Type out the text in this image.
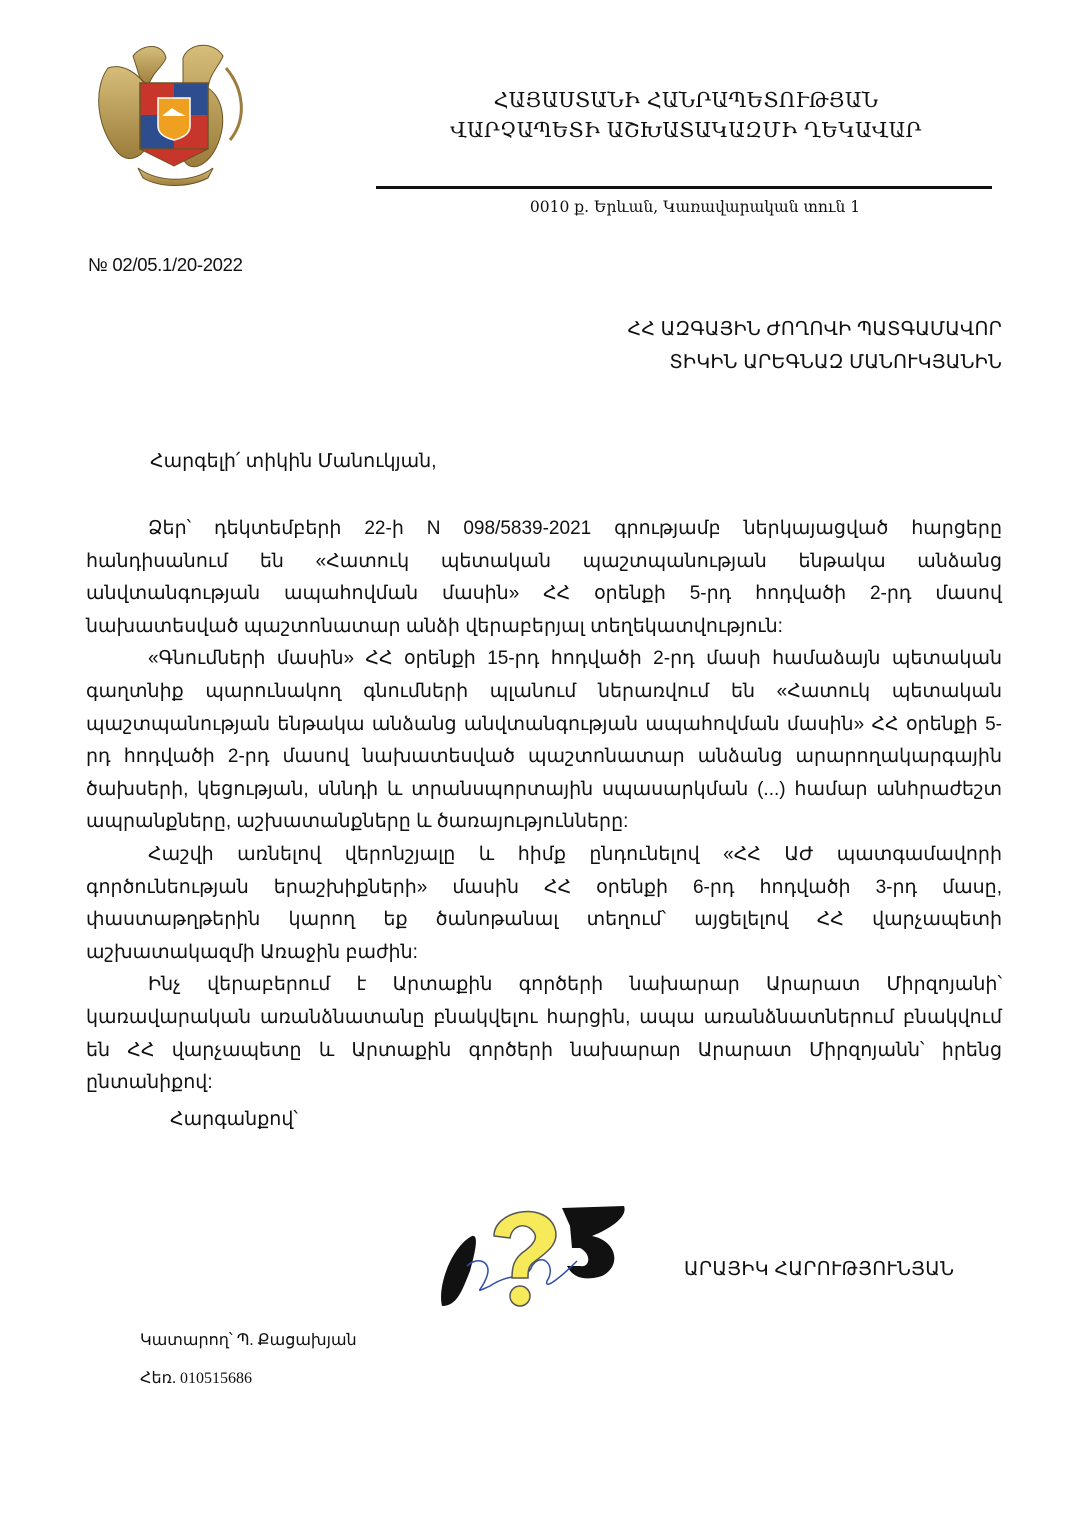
ՀԱՅԱՍՏԱՆԻ ՀԱՆՐԱՊԵՏՈՒԹՅԱՆ
ՎԱՐՉԱՊԵՏԻ ԱՇԽԱՏԱԿԱԶՄԻ ՂԵԿԱՎԱՐ
0010 ք. Երևան, Կառավարական տուն 1
№ 02/05.1/20-2022
ՀՀ ԱԶԳԱՅԻՆ ԺՈՂՈՎԻ ՊԱՏԳԱՄԱՎՈՐ
ՏԻԿԻՆ ԱՐԵԳՆԱԶ ՄԱՆՈՒԿՅԱՆԻՆ
Հարգելի՛ տիկին Մանուկյան,

Ձեր՝ դեկտեմբերի 22-ի N 098/5839-2021 գրությամբ ներկայացված հարցերը հանդիսանում են «Հատուկ պետական պաշտպանության ենթակա անձանց անվտանգության ապահովման մասին» ՀՀ օրենքի 5-րդ հոդվածի 2-րդ մասով նախատեսված պաշտոնատար անձի վերաբերյալ տեղեկատվություն:

«Գնումների մասին» ՀՀ օրենքի 15-րդ հոդվածի 2-րդ մասի համաձայն պետական գաղտնիք պարունակող գնումների պլանում ներառվում են «Հատուկ պետական պաշտպանության ենթակա անձանց անվտանգության ապահովման մասին» ՀՀ օրենքի 5-րդ հոդվածի 2-րդ մասով նախատեսված պաշտոնատար անձանց արարողակարգային ծախսերի, կեցության, սննդի և տրանսպորտային սպասարկման (...) համար անհրաժեշտ ապրանքները, աշխատանքները և ծառայությունները:

Հաշվի առնելով վերոնշյալը և հիմք ընդունելով «ՀՀ ԱԺ պատգամավորի գործունեության երաշխիքների» մասին ՀՀ օրենքի 6-րդ հոդվածի 3-րդ մասը, փաստաթղթերին կարող եք ծանոթանալ տեղում՝ այցելելով ՀՀ վարչապետի աշխատակազմի Առաջին բաժին:

Ինչ վերաբերում է Արտաքին գործերի նախարար Արարատ Միրզոյանի՝ կառավարական առանձնատանը բնակվելու հարցին, ապա առանձնատներում բնակվում են ՀՀ վարչապետը և Արտաքին գործերի նախարար Արարատ Միրզոյանն՝ իրենց ընտանիքով:

Հարգանքով՝
ԱՐԱՅԻԿ ՀԱՐՈՒԹՅՈՒՆՅԱՆ
Կատարող՝ Պ. Քացախյան
Հեռ. 010515686
